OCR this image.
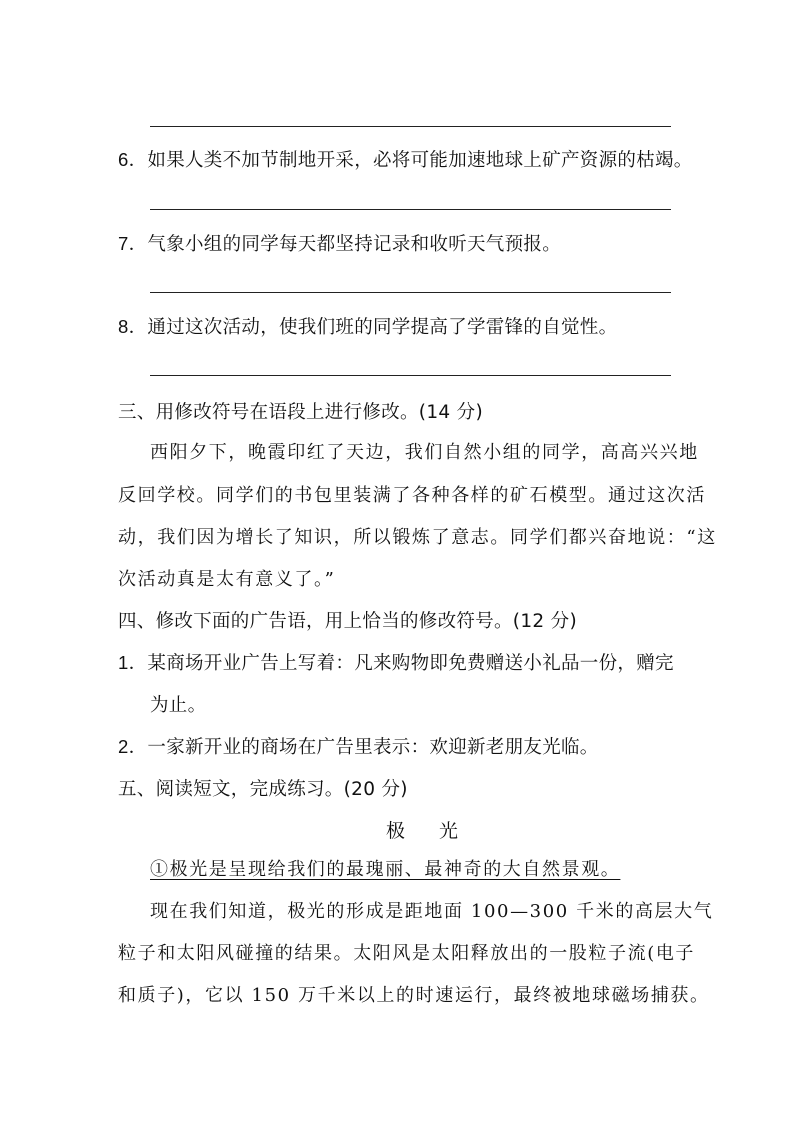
6．如果人类不加节制地开采，必将可能加速地球上矿产资源的枯竭。
7．气象小组的同学每天都坚持记录和收听天气预报。
8．通过这次活动，使我们班的同学提高了学雷锋的自觉性。
三、用修改符号在语段上进行修改。(14 分)
西阳夕下，晚霞印红了天边，我们自然小组的同学，高高兴兴地
反回学校。同学们的书包里装满了各种各样的矿石模型。通过这次活
动，我们因为增长了知识，所以锻炼了意志。同学们都兴奋地说：“这
次活动真是太有意义了。”
四、修改下面的广告语，用上恰当的修改符号。(12 分)
1．某商场开业广告上写着：凡来购物即免费赠送小礼品一份，赠完
为止。
2．一家新开业的商场在广告里表示：欢迎新老朋友光临。
五、阅读短文，完成练习。(20 分)
极 光
①极光是呈现给我们的最瑰丽、最神奇的大自然景观。
现在我们知道，极光的形成是距地面 100—300 千米的高层大气
粒子和太阳风碰撞的结果。太阳风是太阳释放出的一股粒子流(电子
和质子)，它以 150 万千米以上的时速运行，最终被地球磁场捕获。
